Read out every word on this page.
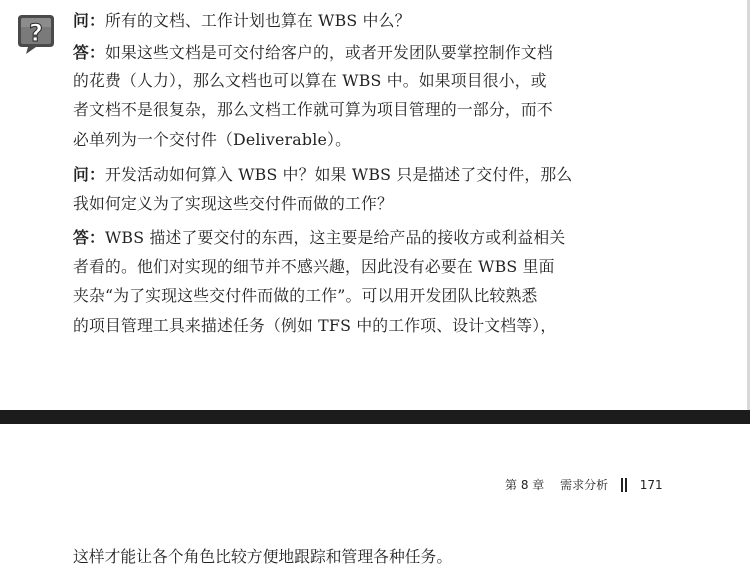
? 问：所有的文档、工作计划也算在 WBS 中么？
答：如果这些文档是可交付给客户的，或者开发团队要掌控制作文档
的花费（人力），那么文档也可以算在 WBS 中。如果项目很小，或
者文档不是很复杂，那么文档工作就可算为项目管理的一部分，而不
必单列为一个交付件（Deliverable）。
问：开发活动如何算入 WBS 中？如果 WBS 只是描述了交付件，那么
我如何定义为了实现这些交付件而做的工作？
答：WBS 描述了要交付的东西，这主要是给产品的接收方或利益相关
者看的。他们对实现的细节并不感兴趣，因此没有必要在 WBS 里面
夹杂“为了实现这些交付件而做的工作”。可以用开发团队比较熟悉
的项目管理工具来描述任务（例如 TFS 中的工作项、设计文档等），
第 8 章 需求分析	171
这样才能让各个角色比较方便地跟踪和管理各种任务。
